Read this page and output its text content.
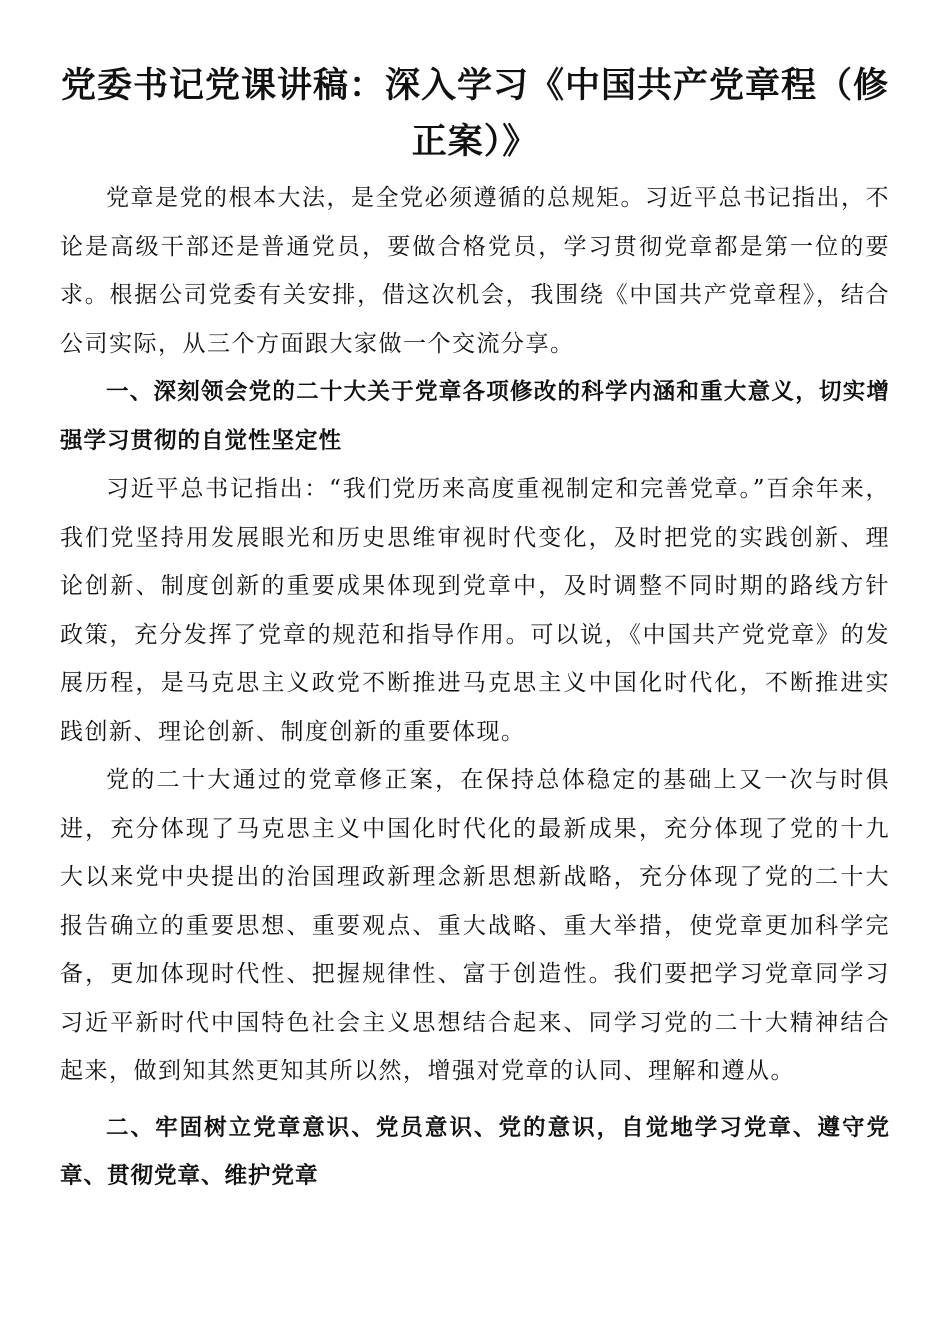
党委书记党课讲稿：深入学习《中国共产党章程（修正案）》

党章是党的根本大法，是全党必须遵循的总规矩。习近平总书记指出，不论是高级干部还是普通党员，要做合格党员，学习贯彻党章都是第一位的要求。根据公司党委有关安排，借这次机会，我围绕《中国共产党章程》，结合公司实际，从三个方面跟大家做一个交流分享。

一、深刻领会党的二十大关于党章各项修改的科学内涵和重大意义，切实增强学习贯彻的自觉性坚定性

习近平总书记指出：“我们党历来高度重视制定和完善党章。”百余年来，我们党坚持用发展眼光和历史思维审视时代变化，及时把党的实践创新、理论创新、制度创新的重要成果体现到党章中，及时调整不同时期的路线方针政策，充分发挥了党章的规范和指导作用。可以说，《中国共产党党章》的发展历程，是马克思主义政党不断推进马克思主义中国化时代化，不断推进实践创新、理论创新、制度创新的重要体现。

党的二十大通过的党章修正案，在保持总体稳定的基础上又一次与时俱进，充分体现了马克思主义中国化时代化的最新成果，充分体现了党的十九大以来党中央提出的治国理政新理念新思想新战略，充分体现了党的二十大报告确立的重要思想、重要观点、重大战略、重大举措，使党章更加科学完备，更加体现时代性、把握规律性、富于创造性。我们要把学习党章同学习习近平新时代中国特色社会主义思想结合起来、同学习党的二十大精神结合起来，做到知其然更知其所以然，增强对党章的认同、理解和遵从。

二、牢固树立党章意识、党员意识、党的意识，自觉地学习党章、遵守党章、贯彻党章、维护党章
